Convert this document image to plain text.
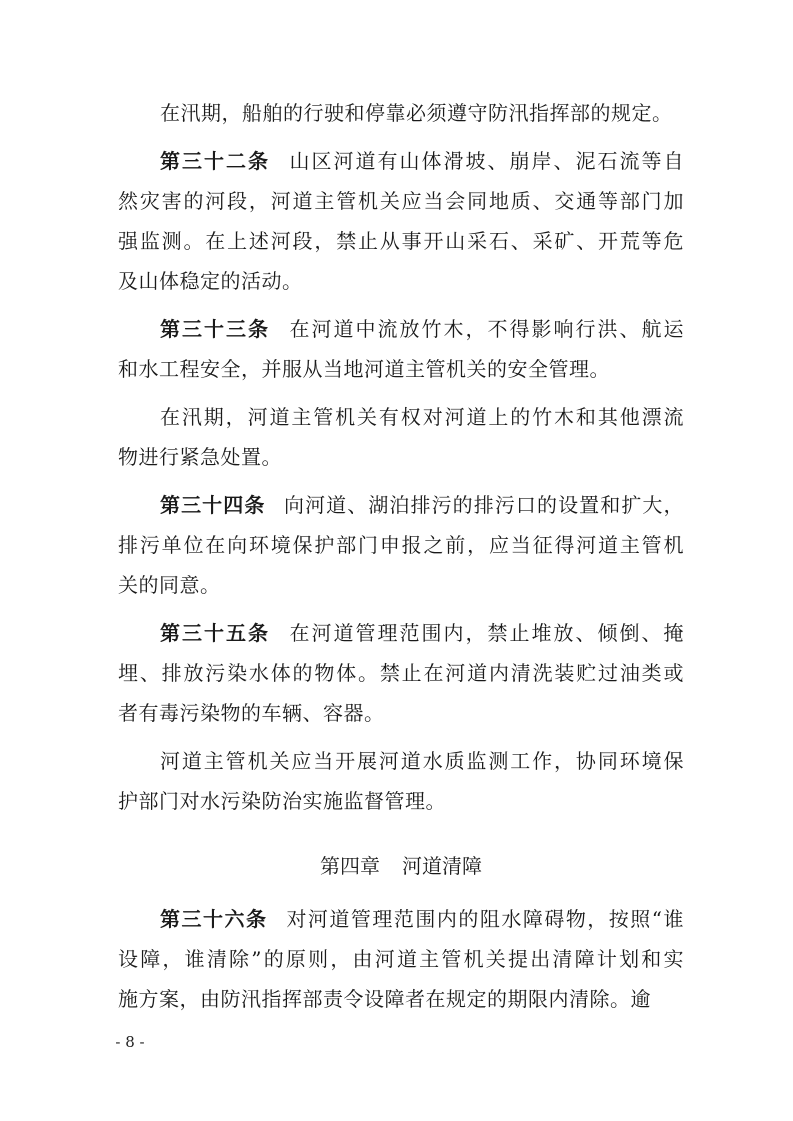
在汛期，船舶的行驶和停靠必须遵守防汛指挥部的规定。
第三十二条 山区河道有山体滑坡、崩岸、泥石流等自
然灾害的河段，河道主管机关应当会同地质、交通等部门加
强监测。在上述河段，禁止从事开山采石、采矿、开荒等危
及山体稳定的活动。
第三十三条 在河道中流放竹木，不得影响行洪、航运
和水工程安全，并服从当地河道主管机关的安全管理。
在汛期，河道主管机关有权对河道上的竹木和其他漂流
物进行紧急处置。
第三十四条 向河道、湖泊排污的排污口的设置和扩大，
排污单位在向环境保护部门申报之前，应当征得河道主管机
关的同意。
第三十五条 在河道管理范围内，禁止堆放、倾倒、掩
埋、排放污染水体的物体。禁止在河道内清洗装贮过油类或
者有毒污染物的车辆、容器。
河道主管机关应当开展河道水质监测工作，协同环境保
护部门对水污染防治实施监督管理。
第四章 河道清障
第三十六条 对河道管理范围内的阻水障碍物，按照“谁
设障，谁清除”的原则，由河道主管机关提出清障计划和实
施方案，由防汛指挥部责令设障者在规定的期限内清除。逾
- 8 -
